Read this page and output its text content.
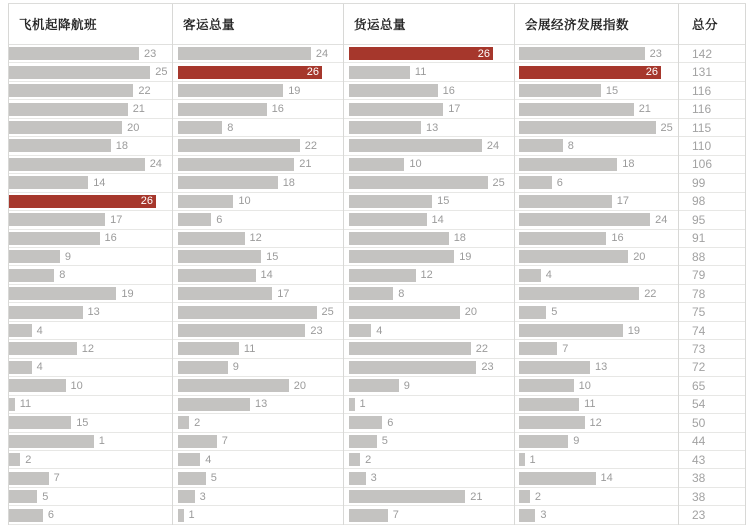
飞机起降航班
23
25
22
21
20
18
24
14
26
17
16
9
8
19
13
4
12
4
10
11
15
1
2
7
5
6
客运总量
24
26
19
16
8
22
21
18
10
6
12
15
14
17
25
23
11
9
20
13
2
7
4
5
3
1
货运总量
26
11
16
17
13
24
10
25
15
14
18
19
12
8
20
4
22
23
9
1
6
5
2
3
21
7
会展经济发展指数
23
26
15
21
25
8
18
6
17
24
16
20
4
22
5
19
7
13
10
11
12
9
1
14
2
3
总分
142
131
116
116
115
110
106
99
98
95
91
88
79
78
75
74
73
72
65
54
50
44
43
38
38
23
